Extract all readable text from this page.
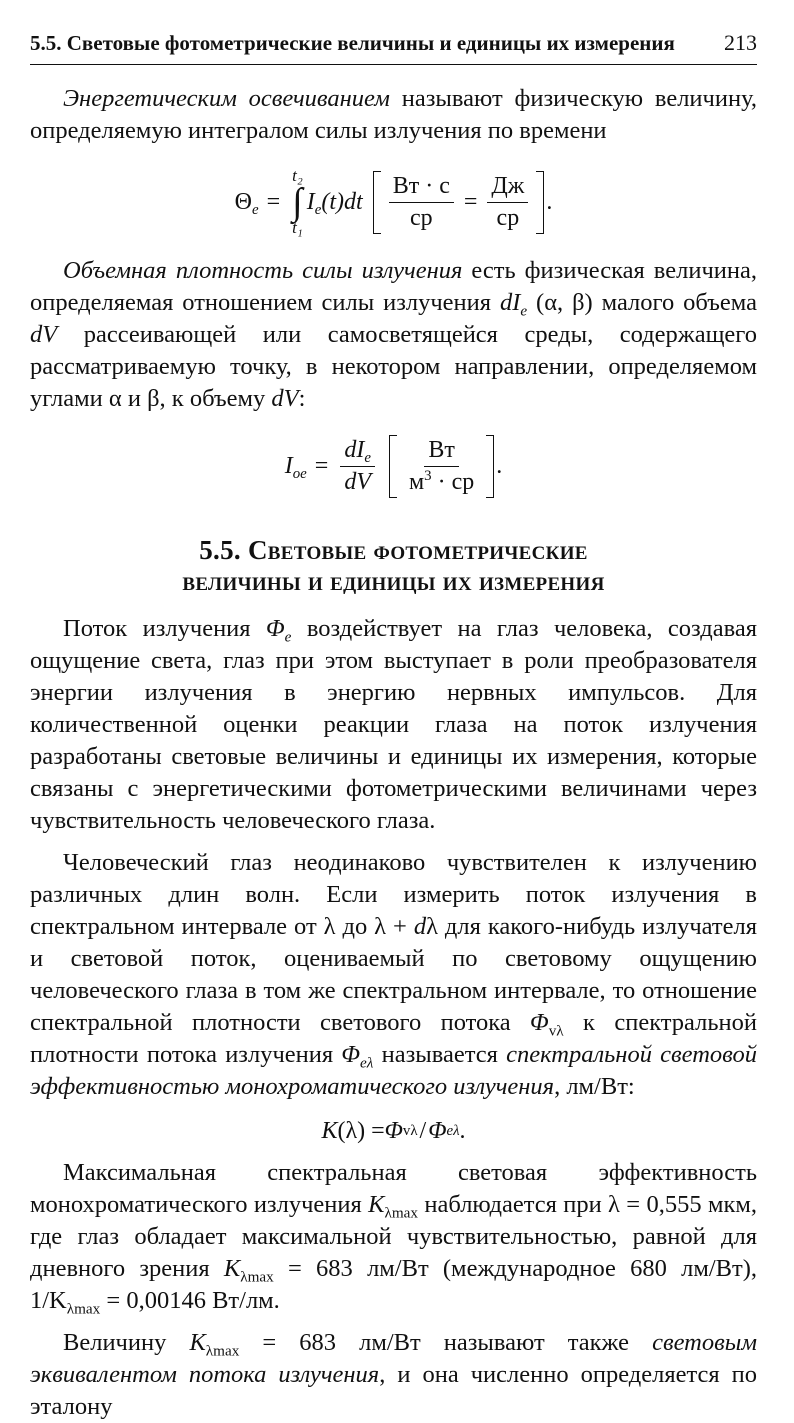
5.5. Световые фотометрические величины и единицы их измерения 213

Энергетическим освечиванием называют физическую величину, определяемую интегралом силы излучения по времени

$\Theta_e$ =
t₂
∫
t₁
$I_e(t)dt \frac{Вт \cdot с}{ср} = \frac{Дж}{ср}$ .

Объемная плотность силы излучения есть физическая величина, определяемая отношением силы излучения $dI_e$ (α, β) малого объема dV рассеивающей или самосветящейся среды, содержащего рассматриваемую точку, в некотором направлении, определяемом углами α и β, к объему dV:

$I_{oe} = \frac{dI_e}{dV} \frac{Вт}{м^3 \cdot ср}$ .
5.5. Световые фотометрические
величины и единицы их измерения

Поток излучения $\Phi_e$ воздействует на глаз человека, создавая ощущение света, глаз при этом выступает в роли преобразователя энергии излучения в энергию нервных импульсов. Для количественной оценки реакции глаза на поток излучения разработаны световые величины и единицы их измерения, которые связаны с энергетическими фотометрическими величинами через чувствительность человеческого глаза.

Человеческий глаз неодинаково чувствителен к излучению различных длин волн. Если измерить поток излучения в спектральном интервале от λ до λ + dλ для какого-нибудь излучателя и световой поток, оцениваемый по световому ощущению человеческого глаза в том же спектральном интервале, то отношение спектральной плотности светового потока $\Phi_{v\lambda}$ к спектральной плотности потока излучения $\Phi_{e\lambda}$ называется спектральной световой эффективностью монохроматического излучения, лм/Вт:

K (λ) = Φ vλ / Φ eλ .

Максимальная спектральная световая эффективность монохроматического излучения $K_{\lambda max}$ наблюдается при λ = 0,555 мкм, где глаз обладает максимальной чувствительностью, равной для дневного зрения $K_{\lambda max} = 683$ лм/Вт (международное 680 лм/Вт), $1/K_{\lambda max} = 0,00146$ Вт/лм.

Величину $K_{\lambda max} = 683$ лм/Вт называют также световым эквивалентом потока излучения, и она численно определяется по эталону
